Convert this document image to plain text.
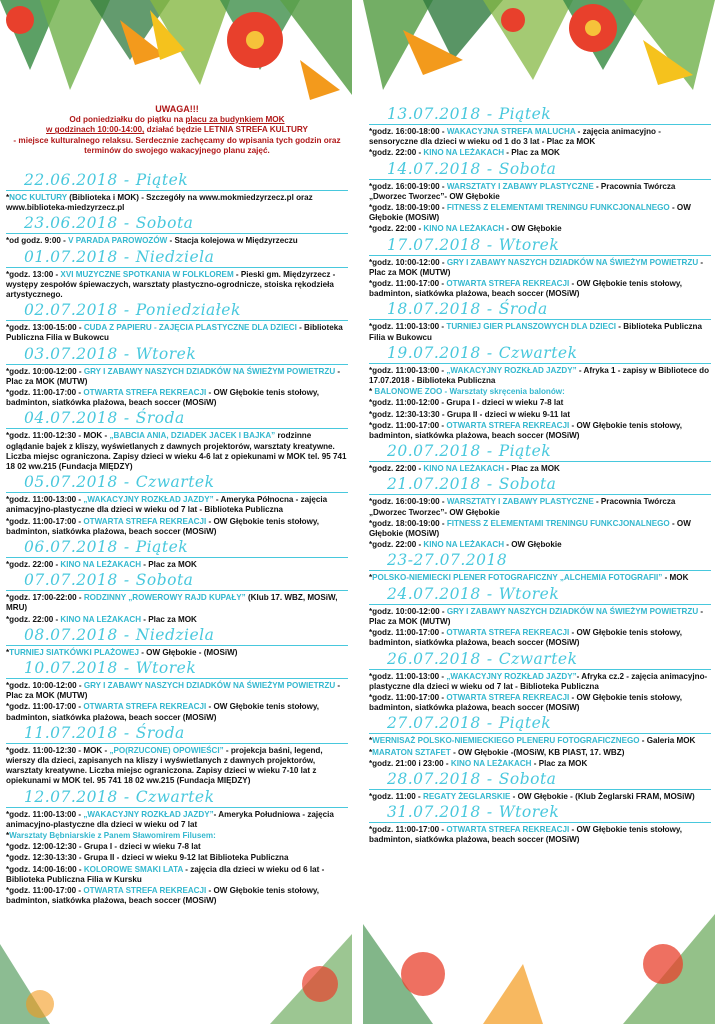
UWAGA!!!
Od poniedziałku do piątku na placu za budynkiem MOK
w godzinach 10:00-14:00, działać będzie LETNIA STREFA KULTURY
- miejsce kulturalnego relaksu. Serdecznie zachęcamy do wpisania tych godzin oraz terminów do swojego wakacyjnego planu zajęć.
22.06.2018 - Piątek
*NOC KULTURY (Biblioteka i MOK) - Szczegóły na www.mokmiedzyrzecz.pl oraz www.biblioteka-miedzyrzecz.pl
23.06.2018 - Sobota
*od godz. 9:00 - V PARADA PAROWOZÓW - Stacja kolejowa w Międzyrzeczu
01.07.2018 - Niedziela
*godz. 13:00 - XVI MUZYCZNE SPOTKANIA W FOLKLOREM - Pieski gm. Międzyrzecz - występy zespołów śpiewaczych, warsztaty plastyczno-ogrodnicze, stoiska rękodzieła artystycznego.
02.07.2018 - Poniedziałek
*godz. 13:00-15:00 - CUDA Z PAPIERU - ZAJĘCIA PLASTYCZNE DLA DZIECI - Biblioteka Publiczna Filia w Bukowcu
03.07.2018 - Wtorek
*godz. 10:00-12:00 - GRY I ZABAWY NASZYCH DZIADKÓW NA ŚWIEŻYM POWIETRZU - Plac za MOK (MUTW)
*godz. 11:00-17:00 - OTWARTA STREFA REKREACJI - OW Głębokie tenis stołowy, badminton, siatkówka plażowa, beach soccer (MOSiW)
04.07.2018 - Środa
*godz. 11:00-12:30 - MOK - „BABCIA ANIA, DZIADEK JACEK I BAJKA” rodzinne oglądanie bajek z kliszy, wyświetlanych z dawnych projektorów, warsztaty kreatywne. Liczba miejsc ograniczona. Zapisy dzieci w wieku 4-6 lat z opiekunami w MOK tel. 95 741 18 02 ww.215 (Fundacja MIĘDZY)
05.07.2018 - Czwartek
*godz. 11:00-13:00 - „WAKACYJNY ROZKŁAD JAZDY” - Ameryka Północna - zajęcia animacyjno-plastyczne dla dzieci w wieku od 7 lat - Biblioteka Publiczna
*godz. 11:00-17:00 - OTWARTA STREFA REKREACJI - OW Głębokie tenis stołowy, badminton, siatkówka plażowa, beach soccer (MOSiW)
06.07.2018 - Piątek
*godz. 22:00 - KINO NA LEŻAKACH - Plac za MOK
07.07.2018 - Sobota
*godz. 17:00-22:00 - RODZINNY „ROWEROWY RAJD KUPAŁY” (Klub 17. WBZ, MOSiW, MRU)
*godz. 22:00 - KINO NA LEŻAKACH - Plac za MOK
08.07.2018 - Niedziela
*TURNIEJ SIATKÓWKI PLAŻOWEJ - OW Głębokie - (MOSiW)
10.07.2018 - Wtorek
*godz. 10:00-12:00 - GRY I ZABAWY NASZYCH DZIADKÓW NA ŚWIEŻYM POWIETRZU - Plac za MOK (MUTW)
*godz. 11:00-17:00 - OTWARTA STREFA REKREACJI - OW Głębokie tenis stołowy, badminton, siatkówka plażowa, beach soccer (MOSiW)
11.07.2018 - Środa
*godz. 11:00-12:30 - MOK - „PO(RZUCONE) OPOWIEŚCI” - projekcja baśni, legend, wierszy dla dzieci, zapisanych na kliszy i wyświetlanych z dawnych projektorów, warsztaty kreatywne. Liczba miejsc ograniczona. Zapisy dzieci w wieku 7-10 lat z opiekunami w MOK tel. 95 741 18 02 ww.215 (Fundacja MIĘDZY)
12.07.2018 - Czwartek
*godz. 11:00-13:00 - „WAKACYJNY ROZKŁAD JAZDY”- Ameryka Południowa - zajęcia animacyjno-plastyczne dla dzieci w wieku od 7 lat
*Warsztaty Bębniarskie z Panem Sławomirem Filusem:
*godz. 12:00-12:30 - Grupa I - dzieci w wieku 7-8 lat
*godz. 12:30-13:30 - Grupa II - dzieci w wieku 9-12 lat Biblioteka Publiczna
*godz. 14:00-16:00 - KOLOROWE SMAKI LATA - zajęcia dla dzieci w wieku od 6 lat - Biblioteka Publiczna Filia w Kursku
*godz. 11:00-17:00 - OTWARTA STREFA REKREACJI - OW Głębokie tenis stołowy, badminton, siatkówka plażowa, beach soccer (MOSiW)
13.07.2018 - Piątek
*godz. 16:00-18:00 - WAKACYJNA STREFA MALUCHA - zajęcia animacyjno - sensoryczne dla dzieci w wieku od 1 do 3 lat - Plac za MOK
*godz. 22:00 - KINO NA LEŻAKACH - Plac za MOK
14.07.2018 - Sobota
*godz. 16:00-19:00 - WARSZTATY I ZABAWY PLASTYCZNE - Pracownia Twórcza „Dworzec Tworzec”- OW Głębokie
*godz. 18:00-19:00 - FITNESS Z ELEMENTAMI TRENINGU FUNKCJONALNEGO - OW Głębokie (MOSiW)
*godz. 22:00 - KINO NA LEŻAKACH - OW Głębokie
17.07.2018 - Wtorek
*godz. 10:00-12:00 - GRY I ZABAWY NASZYCH DZIADKÓW NA ŚWIEŻYM POWIETRZU - Plac za MOK (MUTW)
*godz. 11:00-17:00 - OTWARTA STREFA REKREACJI - OW Głębokie tenis stołowy, badminton, siatkówka plażowa, beach soccer (MOSiW)
18.07.2018 - Środa
*godz. 11:00-13:00 - TURNIEJ GIER PLANSZOWYCH DLA DZIECI - Biblioteka Publiczna Filia w Bukowcu
19.07.2018 - Czwartek
*godz. 11:00-13:00 - „WAKACYJNY ROZKŁAD JAZDY” - Afryka 1 - zapisy w Bibliotece do 17.07.2018 - Biblioteka Publiczna
* BALONOWE ZOO - Warsztaty skręcenia balonów:
*godz. 11:00-12:00 - Grupa I - dzieci w wieku 7-8 lat
*godz. 12:30-13:30 - Grupa II - dzieci w wieku 9-11 lat
*godz. 11:00-17:00 - OTWARTA STREFA REKREACJI - OW Głębokie tenis stołowy, badminton, siatkówka plażowa, beach soccer (MOSiW)
20.07.2018 - Piątek
*godz. 22:00 - KINO NA LEŻAKACH - Plac za MOK
21.07.2018 - Sobota
*godz. 16:00-19:00 - WARSZTATY I ZABAWY PLASTYCZNE - Pracownia Twórcza „Dworzec Tworzec”- OW Głębokie
*godz. 18:00-19:00 - FITNESS Z ELEMENTAMI TRENINGU FUNKCJONALNEGO - OW Głębokie (MOSiW)
*godz. 22:00 - KINO NA LEŻAKACH - OW Głębokie
23-27.07.2018
*POLSKO-NIEMIECKI PLENER FOTOGRAFICZNY „ALCHEMIA FOTOGRAFII” - MOK
24.07.2018 - Wtorek
*godz. 10:00-12:00 - GRY I ZABAWY NASZYCH DZIADKÓW NA ŚWIEŻYM POWIETRZU - Plac za MOK (MUTW)
*godz. 11:00-17:00 - OTWARTA STREFA REKREACJI - OW Głębokie tenis stołowy, badminton, siatkówka plażowa, beach soccer (MOSiW)
26.07.2018 - Czwartek
*godz. 11:00-13:00 - „WAKACYJNY ROZKŁAD JAZDY”- Afryka cz.2 - zajęcia animacyjno-plastyczne dla dzieci w wieku od 7 lat - Biblioteka Publiczna
*godz. 11:00-17:00 - OTWARTA STREFA REKREACJI - OW Głębokie tenis stołowy, badminton, siatkówka plażowa, beach soccer (MOSiW)
27.07.2018 - Piątek
*WERNISAŻ POLSKO-NIEMIECKIEGO PLENERU FOTOGRAFICZNEGO - Galeria MOK
*MARATON SZTAFET - OW Głębokie -(MOSiW, KB PIAST, 17. WBZ)
*godz. 21:00 i 23:00 - KINO NA LEŻAKACH - Plac za MOK
28.07.2018 - Sobota
*godz. 11:00 - REGATY ŻEGLARSKIE - OW Głębokie - (Klub Żeglarski FRAM, MOSiW)
31.07.2018 - Wtorek
*godz. 11:00-17:00 - OTWARTA STREFA REKREACJI - OW Głębokie tenis stołowy, badminton, siatkówka plażowa, beach soccer (MOSiW)
